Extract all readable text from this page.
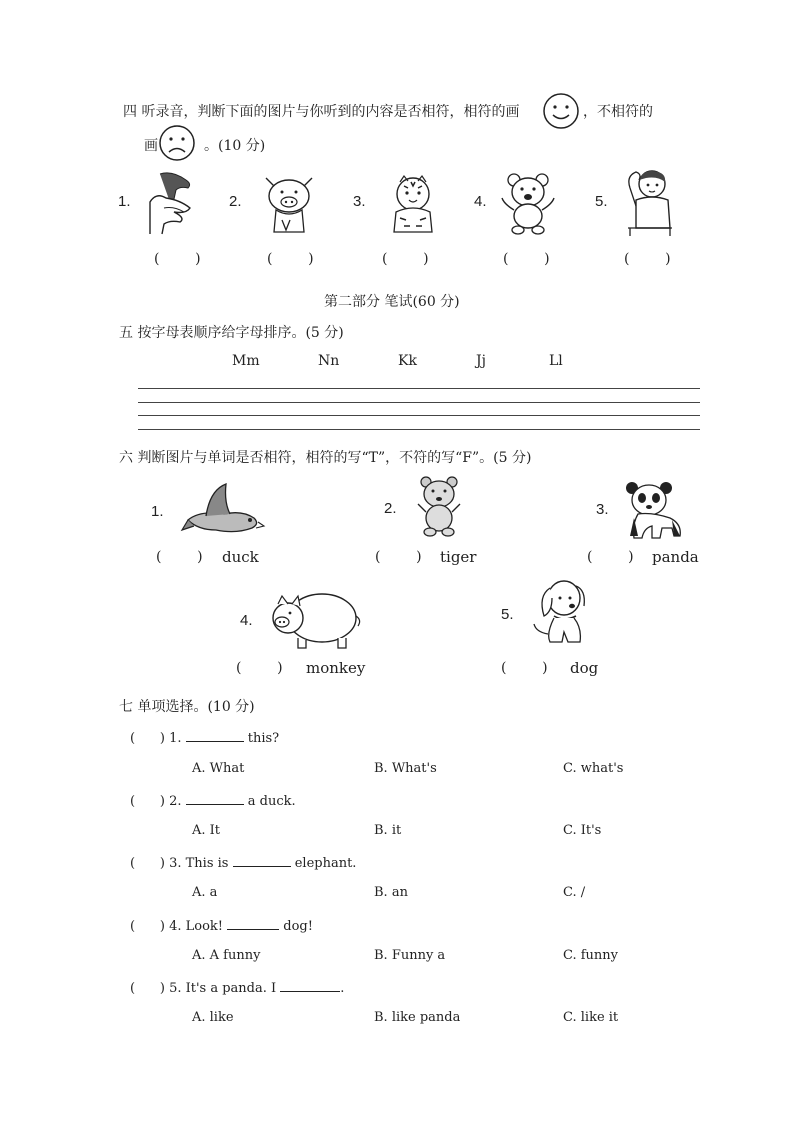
四 听录音，判断下面的图片与你听到的内容是否相符，相符的画	，不相符的
画	。(10 分)
1.	2.	3.	4.	5.
(        )	(        )	(        )	(        )	(        )
第二部分 笔试(60 分)
五 按字母表顺序给字母排序。(5 分)
Mm	Nn	Kk	Jj	Ll
六 判断图片与单词是否相符，相符的写“T”，不符的写“F”。(5 分)
1.
(        ) duck
2.
(        ) tiger
3.
(        ) panda
4.
(        ) monkey
5.
(        ) dog
七 单项选择。(10 分)
(      ) 1.	this?
A. What	B. What's	C. what's
(      ) 2.	a duck.
A. It	B. it	C. It's
(      ) 3. This is	elephant.
A. a	B. an	C. /
(      ) 4. Look!	dog!
A. A funny	B. Funny a	C. funny
(      ) 5. It's a panda. I	.
A. like	B. like panda	C. like it
